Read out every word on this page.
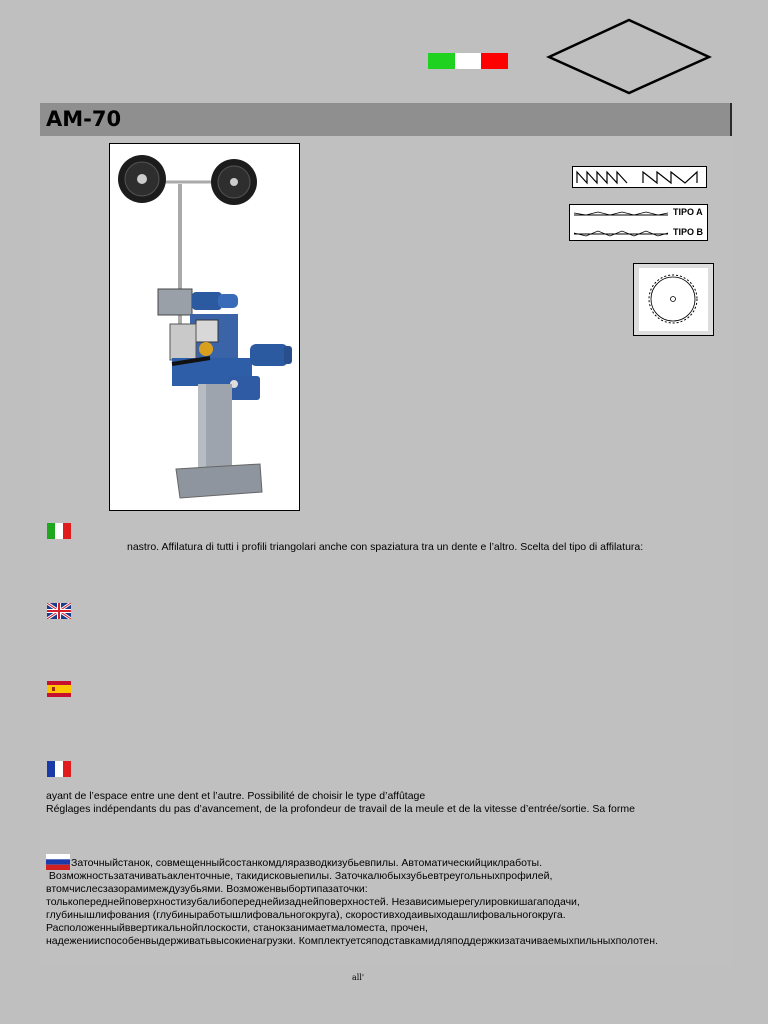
AM-70
TIPO A
TIPO B
nastro. Affilatura di tutti i profili triangolari anche con spaziatura tra un dente e l’altro. Scelta del tipo di affilatura:
ayant de l’espace entre une dent et l’autre. Possibilité de choisir le type d’affûtage
Réglages indépendants du pas d’avancement, de la profondeur de travail de la meule et de la vitesse d’entrée/sortie. Sa forme
Заточныйстанок, совмещенныйсостанкомдляразводкизубьевпилы. Автоматическийциклработы.
Возможностьзатачиватьакленточные, такидисковыепилы. Заточкалюбыхзубьевтреугольныхпрофилей,
втомчислесзазорамимеждузубьями. Возможенвыбортипазаточки:
толькопереднейповерхностизубалибопереднейизаднейповерхностей. Независимыерегулировкишагаподачи,
глубинышлифования (глубиныработышлифовальногокруга), скоростивходаивыходашлифовальногокруга.
Расположенныйввертикальнойплоскости, станокзанимаетмаломеста, прочен,
надеженииспособенвыдерживатьвысокиенагрузки. Комплектуетсяподставкамидляподдержкизатачиваемыхпильныхполотен.
all'
